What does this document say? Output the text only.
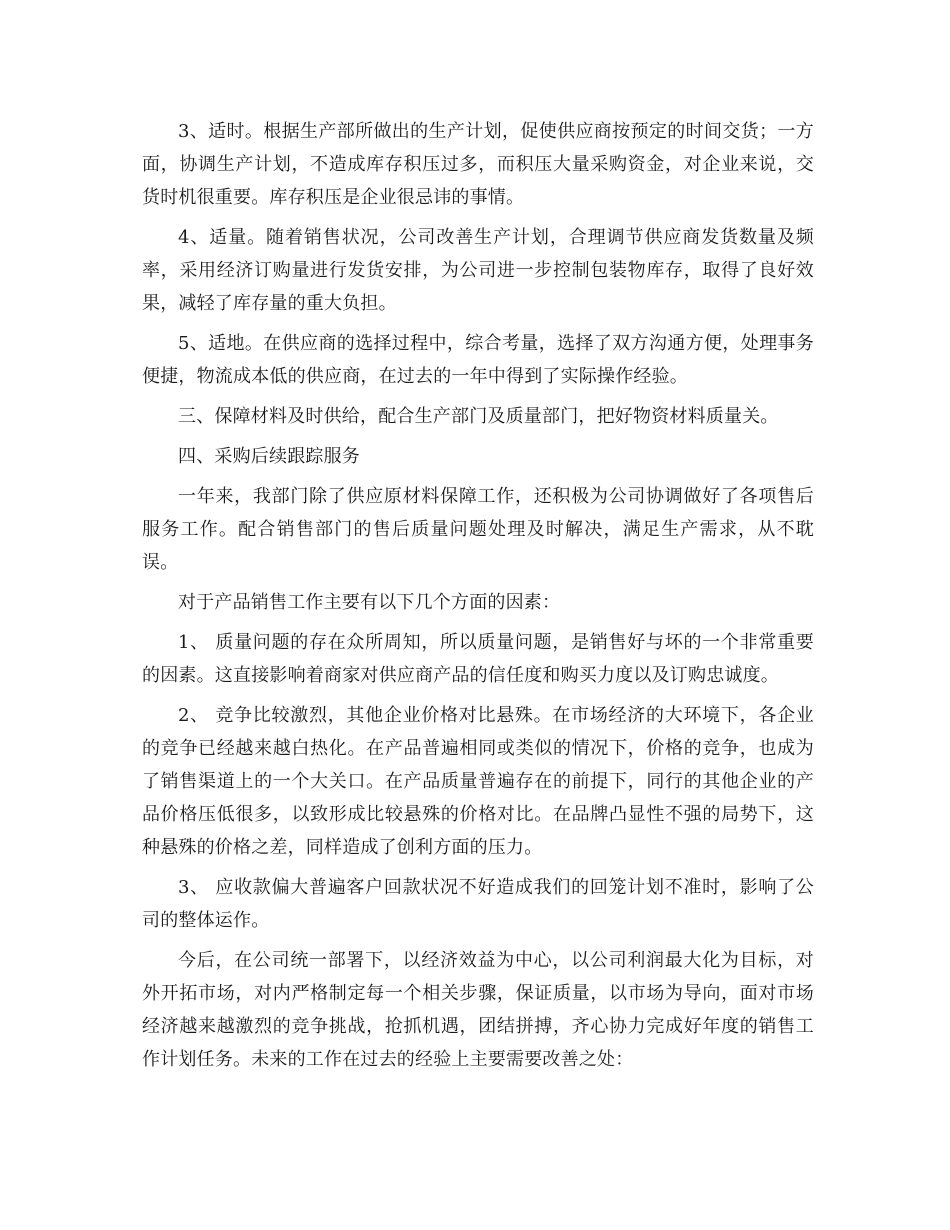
3、适时。根据生产部所做出的生产计划，促使供应商按预定的时间交货；一方面，协调生产计划，不造成库存积压过多，而积压大量采购资金，对企业来说，交货时机很重要。库存积压是企业很忌讳的事情。

4、适量。随着销售状况，公司改善生产计划，合理调节供应商发货数量及频率，采用经济订购量进行发货安排，为公司进一步控制包装物库存，取得了良好效果，减轻了库存量的重大负担。

5、适地。在供应商的选择过程中，综合考量，选择了双方沟通方便，处理事务便捷，物流成本低的供应商，在过去的一年中得到了实际操作经验。

三、保障材料及时供给，配合生产部门及质量部门，把好物资材料质量关。

四、采购后续跟踪服务

一年来，我部门除了供应原材料保障工作，还积极为公司协调做好了各项售后服务工作。配合销售部门的售后质量问题处理及时解决，满足生产需求，从不耽误。

对于产品销售工作主要有以下几个方面的因素：

1、 质量问题的存在众所周知，所以质量问题，是销售好与坏的一个非常重要的因素。这直接影响着商家对供应商产品的信任度和购买力度以及订购忠诚度。

2、 竞争比较激烈，其他企业价格对比悬殊。在市场经济的大环境下，各企业的竞争已经越来越白热化。在产品普遍相同或类似的情况下，价格的竞争，也成为了销售渠道上的一个大关口。在产品质量普遍存在的前提下，同行的其他企业的产品价格压低很多，以致形成比较悬殊的价格对比。在品牌凸显性不强的局势下，这种悬殊的价格之差，同样造成了创利方面的压力。

3、 应收款偏大普遍客户回款状况不好造成我们的回笼计划不准时，影响了公司的整体运作。

今后，在公司统一部署下，以经济效益为中心，以公司利润最大化为目标，对外开拓市场，对内严格制定每一个相关步骤，保证质量，以市场为导向，面对市场经济越来越激烈的竞争挑战，抢抓机遇，团结拼搏，齐心协力完成好年度的销售工作计划任务。未来的工作在过去的经验上主要需要改善之处：
